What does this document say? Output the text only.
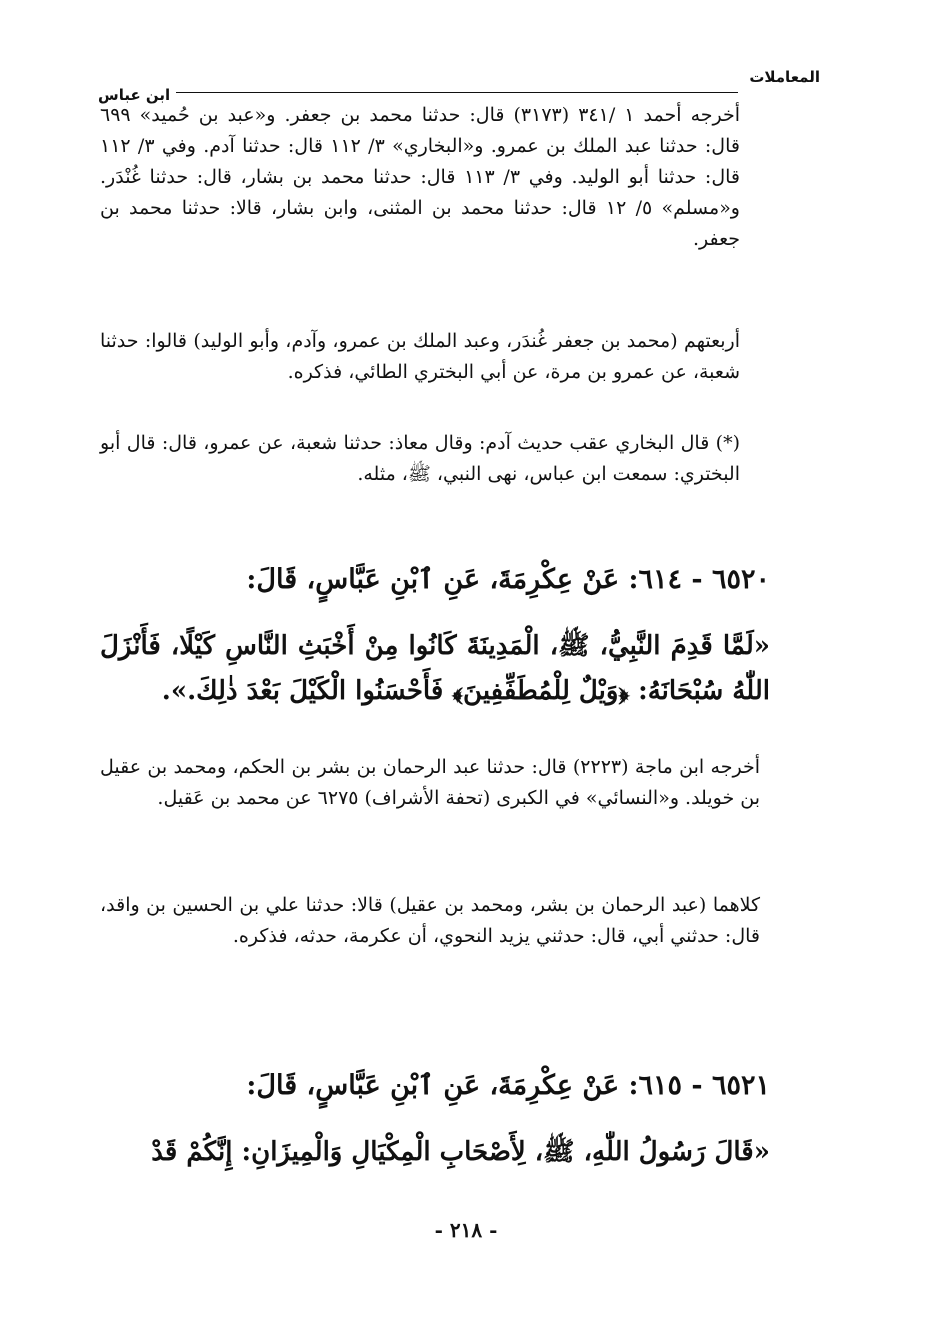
المعاملات
ابن عباس
أخرجه أحمد ١ /٣٤١ (٣١٧٣) قال: حدثنا محمد بن جعفر. و«عبد بن حُميد» ٦٩٩ قال: حدثنا عبد الملك بن عمرو. و«البخاري» ٣/ ١١٢ قال: حدثنا آدم. وفي ٣/ ١١٢ قال: حدثنا أبو الوليد. وفي ٣/ ١١٣ قال: حدثنا محمد بن بشار، قال: حدثنا غُنْدَر. و«مسلم» ٥/ ١٢ قال: حدثنا محمد بن المثنى، وابن بشار، قالا: حدثنا محمد بن جعفر.
أربعتهم (محمد بن جعفر غُندَر، وعبد الملك بن عمرو، وآدم، وأبو الوليد) قالوا: حدثنا شعبة، عن عمرو بن مرة، عن أبي البختري الطائي، فذكره.
(*) قال البخاري عقب حديث آدم: وقال معاذ: حدثنا شعبة، عن عمرو، قال: قال أبو البختري: سمعت ابن عباس، نهى النبي، ﷺ، مثله.
٦٥٢٠ - ٦١٤: عَنْ عِكْرِمَةَ، عَنِ ٱبْنِ عَبَّاسٍ، قَالَ:
«لَمَّا قَدِمَ النَّبِيُّ، ﷺ، الْمَدِينَةَ كَانُوا مِنْ أَخْبَثِ النَّاسِ كَيْلًا، فَأَنْزَلَ اللّٰهُ سُبْحَانَهُ: ﴿وَيْلٌ لِلْمُطَفِّفِينَ﴾ فَأَحْسَنُوا الْكَيْلَ بَعْدَ ذٰلِكَ.».
أخرجه ابن ماجة (٢٢٢٣) قال: حدثنا عبد الرحمان بن بشر بن الحكم، ومحمد بن عقيل بن خويلد. و«النسائي» في الكبرى (تحفة الأشراف) ٦٢٧٥ عن محمد بن عَقيل.
كلاهما (عبد الرحمان بن بشر، ومحمد بن عقيل) قالا: حدثنا علي بن الحسين بن واقد، قال: حدثني أبي، قال: حدثني يزيد النحوي، أن عكرمة، حدثه، فذكره.
٦٥٢١ - ٦١٥: عَنْ عِكْرِمَةَ، عَنِ ٱبْنِ عَبَّاسٍ، قَالَ:
«قَالَ رَسُولُ اللّٰهِ، ﷺ، لِأَصْحَابِ الْمِكْيَالِ وَالْمِيزَانِ: إِنَّكُمْ قَدْ
- ٢١٨ -
